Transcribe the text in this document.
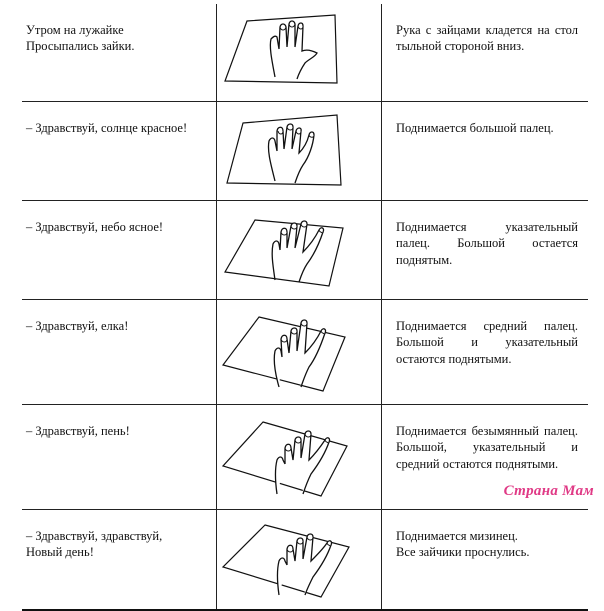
Утром на лужайке
Просыпались зайки.		Рука с зайцами кладется на стол тыльной стороной вниз.
– Здравствуй, солнце красное!		Поднимается большой палец.
– Здравствуй, небо ясное!		Поднимается указательный палец. Большой остается поднятым.
– Здравствуй, елка!		Поднимается средний палец. Большой и указательный остаются поднятыми.
– Здравствуй, пень!		Поднимается безымянный палец. Большой, указательный и средний остаются поднятыми.
– Здравствуй, здравствуй,
Новый день!		Поднимается мизинец.
Все зайчики проснулись.
Страна Мам
